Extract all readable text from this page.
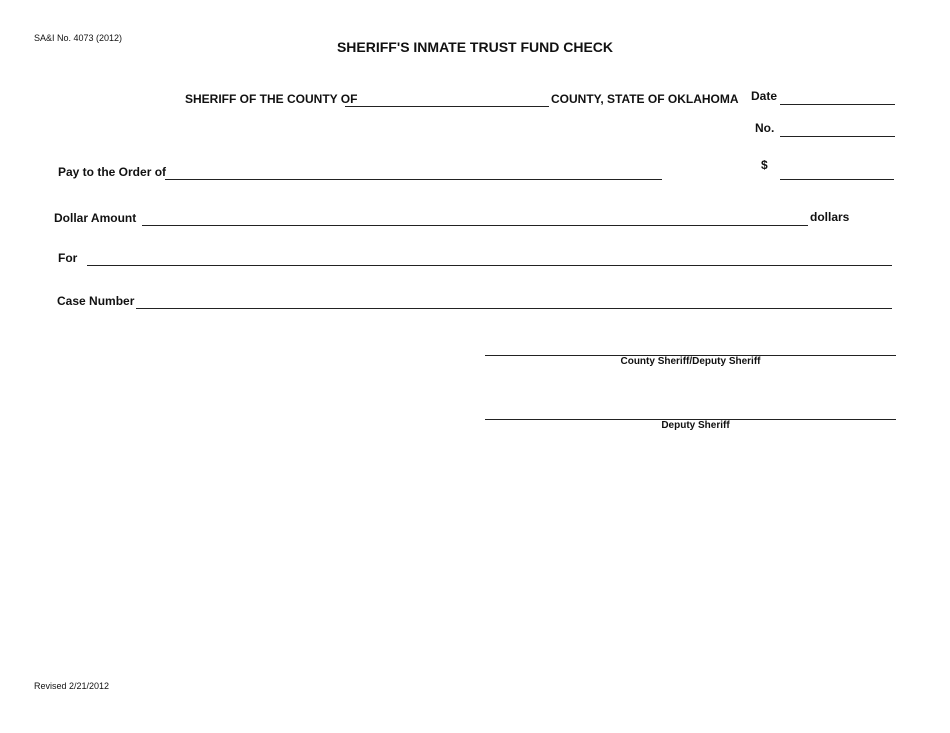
SA&I No. 4073 (2012)
SHERIFF'S INMATE TRUST FUND CHECK
SHERIFF OF THE COUNTY OF	COUNTY, STATE OF OKLAHOMA Date
No.
Pay to the Order of	$
Dollar Amount	dollars
For
Case Number
County Sheriff/Deputy Sheriff
Deputy Sheriff
Revised 2/21/2012
